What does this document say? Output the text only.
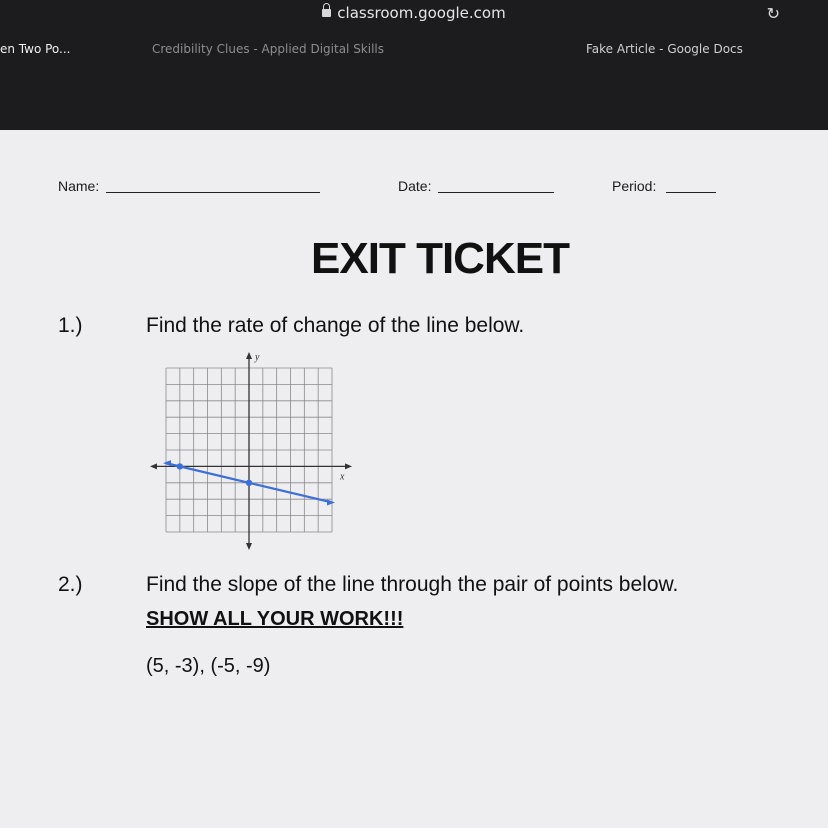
classroom.google.com	↻
en Two Po...	Credibility Clues - Applied Digital Skills	Fake Article - Google Docs
Name:	Date:	Period:
EXIT TICKET
1.)	Find the rate of change of the line below.
2.)	Find the slope of the line through the pair of points below.
SHOW ALL YOUR WORK!!!
(5, -3), (-5, -9)
x
y
